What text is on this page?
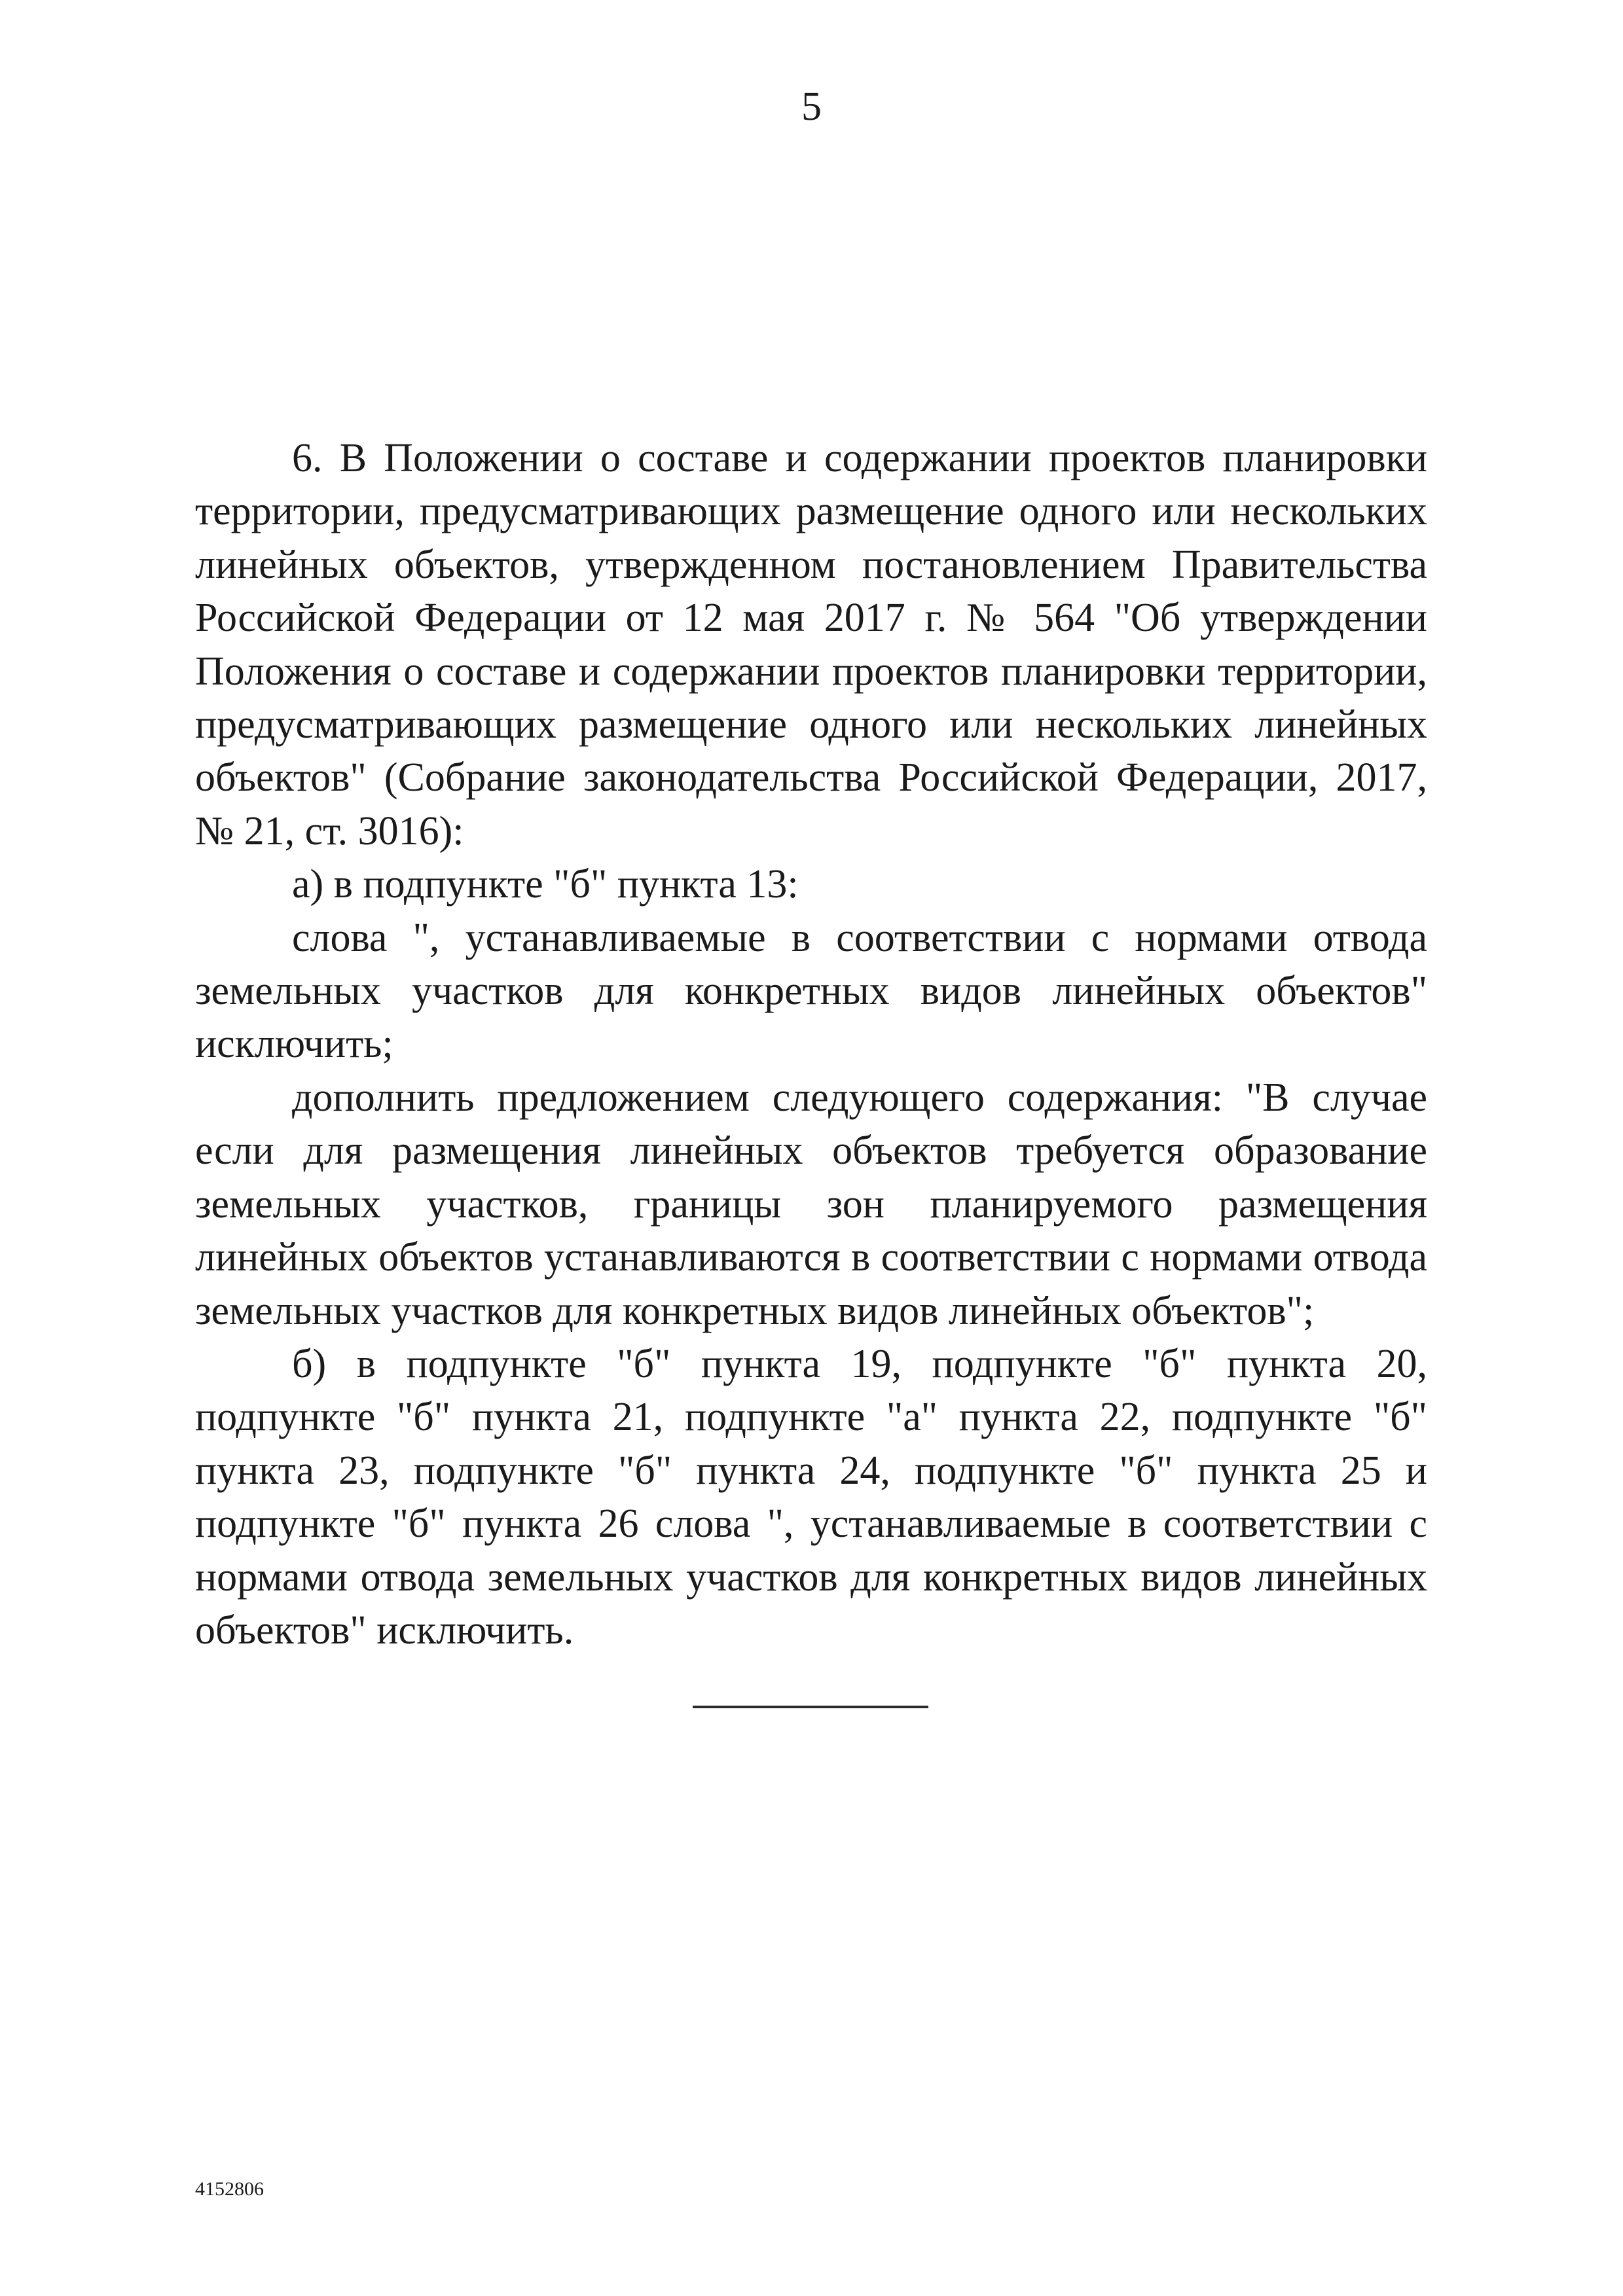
5

6. В Положении о составе и содержании проектов планировки территории, предусматривающих размещение одного или нескольких линейных объектов, утвержденном постановлением Правительства Российской Федерации от 12 мая 2017 г. № 564 "Об утверждении Положения о составе и содержании проектов планировки территории, предусматривающих размещение одного или нескольких линейных объектов" (Собрание законодательства Российской Федерации, 2017, № 21, ст. 3016):

а) в подпункте "б" пункта 13:

слова ", устанавливаемые в соответствии с нормами отвода земельных участков для конкретных видов линейных объектов" исключить;

дополнить предложением следующего содержания: "В случае если для размещения линейных объектов требуется образование земельных участков, границы зон планируемого размещения линейных объектов устанавливаются в соответствии с нормами отвода земельных участков для конкретных видов линейных объектов";

б) в подпункте "б" пункта 19, подпункте "б" пункта 20, подпункте "б" пункта 21, подпункте "а" пункта 22, подпункте "б" пункта 23, подпункте "б" пункта 24, подпункте "б" пункта 25 и подпункте "б" пункта 26 слова ", устанавливаемые в соответствии с нормами отвода земельных участков для конкретных видов линейных объектов" исключить.

4152806
